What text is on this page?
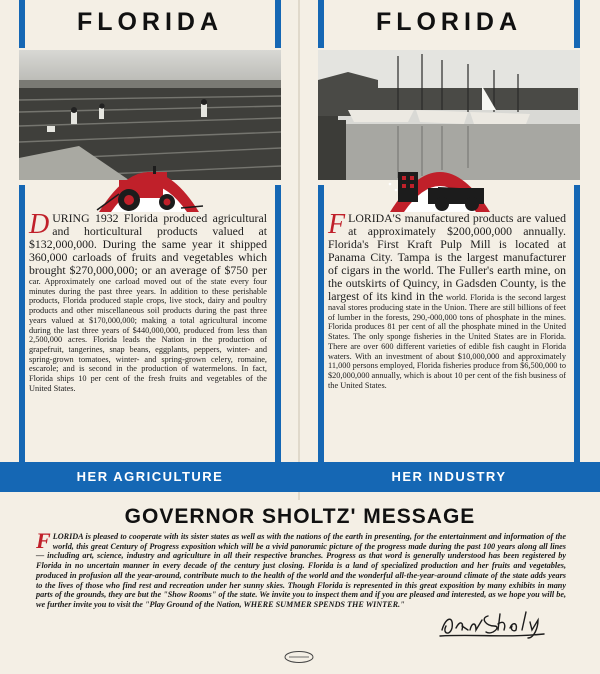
FLORIDA
D URING 1932 Florida produced agricultural and horticultural products valued at $132,000,000. During the same year it shipped 360,000 carloads of fruits and vegetables which brought $270,000,000; or an average of $750 per car. Approximately one carload moved out of the state every four minutes during the past three years. In addition to these perishable products, Florida produced staple crops, live stock, dairy and poultry products and other miscellaneous soil products during the past three years valued at $170,000,000; making a total agricultural income during the last three years of $440,000,000, produced from less than 2,500,000 acres. Florida leads the Nation in the production of grapefruit, tangerines, snap beans, eggplants, peppers, winter- and spring-grown tomatoes, winter- and spring-grown celery, romaine, escarole; and is second in the production of watermelons. In fact, Florida ships 10 per cent of the fresh fruits and vegetables of the United States.
FLORIDA
F LORIDA'S manufactured products are valued at approximately $200,000,000 annually. Florida's First Kraft Pulp Mill is located at Panama City. Tampa is the largest manufacturer of cigars in the world. The Fuller's earth mine, on the outskirts of Quincy, in Gadsden County, is the largest of its kind in the world. Florida is the second largest naval stores producing state in the Union. There are still billions of feet of lumber in the forests, 290,-000,000 tons of phosphate in the mines. Florida produces 81 per cent of all the phosphate mined in the United States. The only sponge fisheries in the United States are in Florida. There are over 600 different varieties of edible fish caught in Florida waters. With an investment of about $10,000,000 and approximately 11,000 persons employed, Florida fisheries produce from $6,500,000 to $20,000,000 annually, which is about 10 per cent of the fish business of the United States.
HER AGRICULTURE	HER INDUSTRY
GOVERNOR SHOLTZ' MESSAGE
F LORIDA is pleased to cooperate with its sister states as well as with the nations of the earth in presenting, for the entertainment and information of the world, this great Century of Progress exposition which will be a vivid panoramic picture of the progress made during the past 100 years along all lines — including art, science, industry and agriculture in all their respective branches. Progress as that word is generally understood has been registered by Florida in no uncertain manner in every decade of the century just closing. Florida is a land of specialized production and her fruits and vegetables, produced in profusion all the year-around, contribute much to the health of the world and the wonderful all-the-year-around climate of the state adds years to the lives of those who find rest and recreation under her sunny skies. Though Florida is represented in this great exposition by many exhibits in many parts of the grounds, they are but the "Show Rooms" of the state. We invite you to inspect them and if you are pleased and interested, as we hope you will be, we further invite you to visit the "Play Ground of the Nation, WHERE SUMMER SPENDS THE WINTER."
